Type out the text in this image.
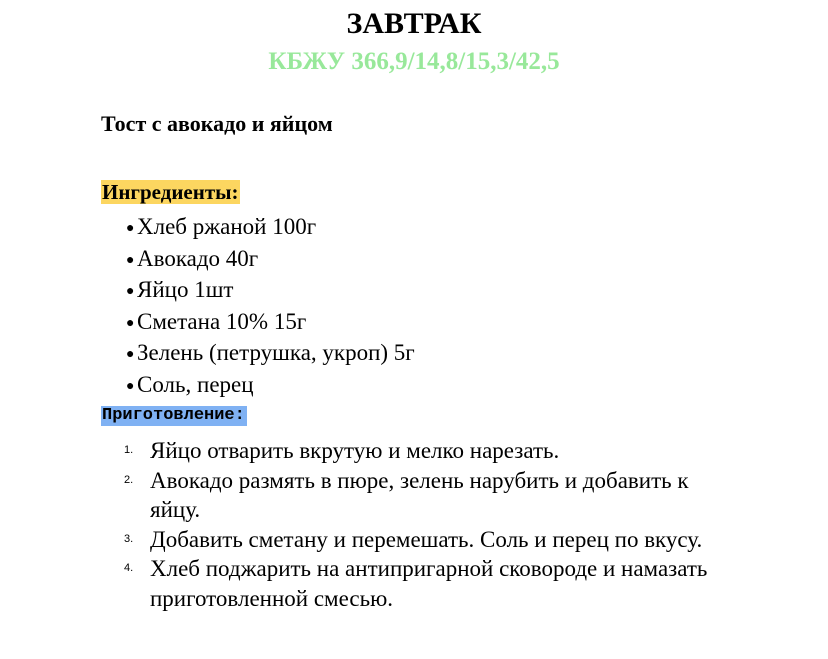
ЗАВТРАК
КБЖУ 366,9/14,8/15,3/42,5
Тост с авокадо и яйцом
Ингредиенты:
● Хлеб ржаной 100г
● Авокадо 40г
● Яйцо 1шт
● Сметана 10% 15г
● Зелень (петрушка, укроп) 5г
● Соль, перец
Приготовление:
1. Яйцо отварить вкрутую и мелко нарезать.
2. Авокадо размять в пюре, зелень нарубить и добавить к яйцу.
3. Добавить сметану и перемешать. Соль и перец по вкусу.
4. Хлеб поджарить на антипригарной сковороде и намазать приготовленной смесью.
